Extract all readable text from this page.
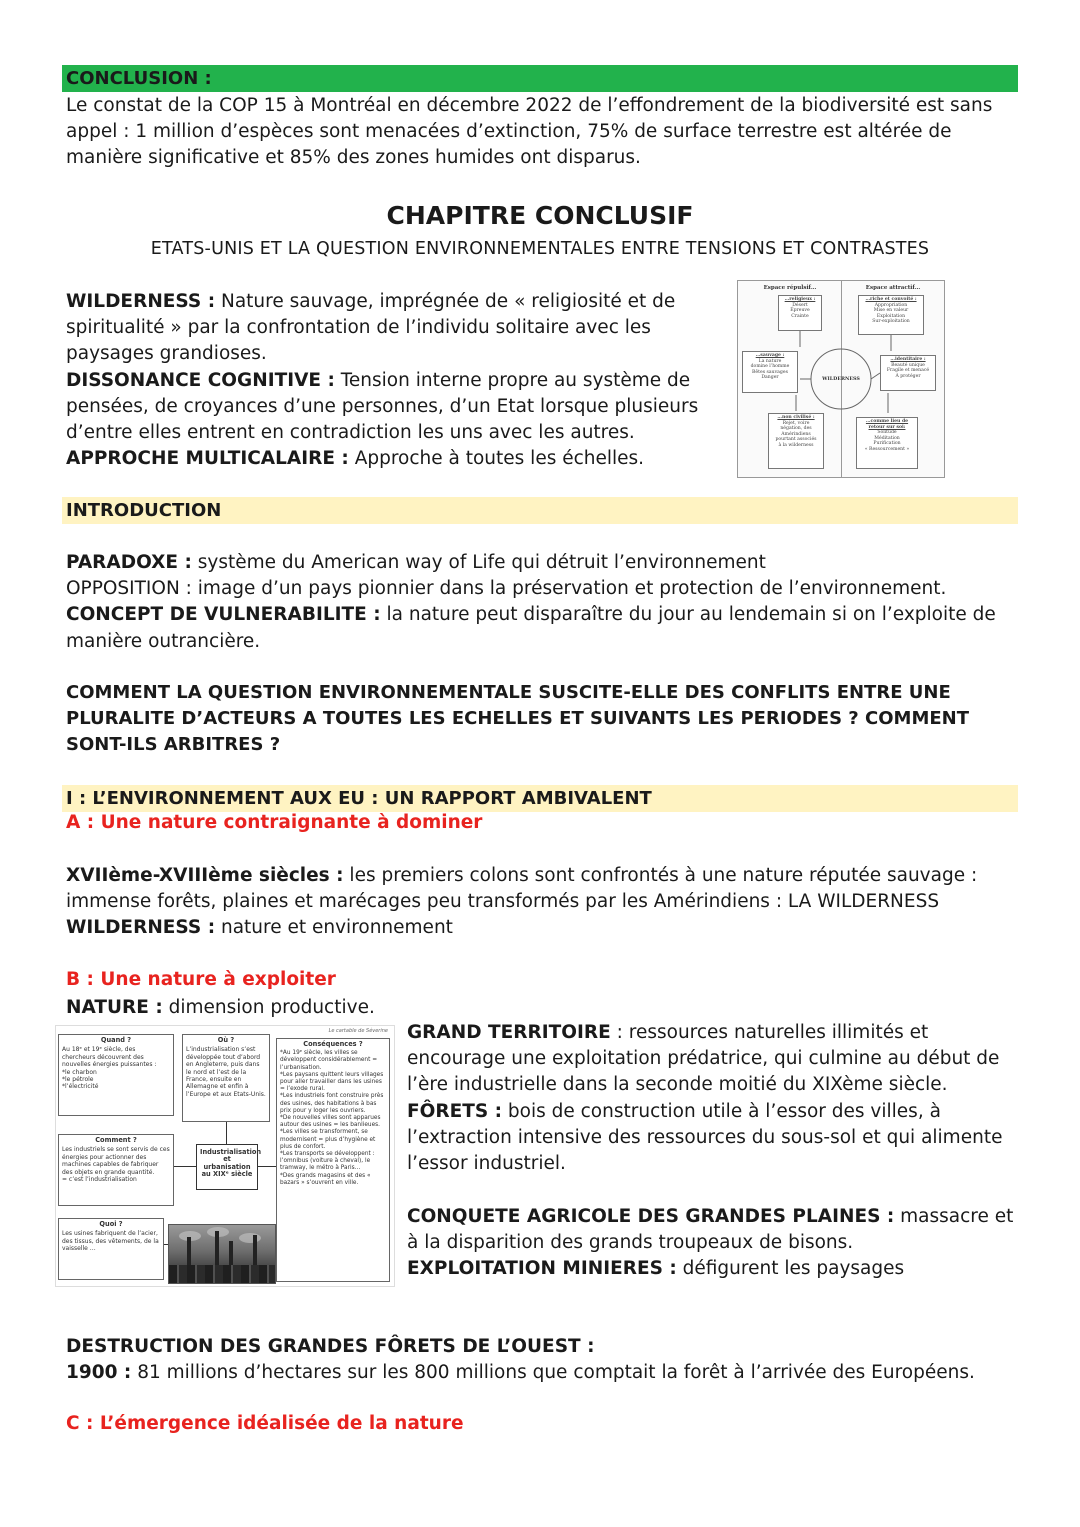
CONCLUSION :

Le constat de la COP 15 à Montréal en décembre 2022 de l’effondrement de la biodiversité est sans appel : 1 million d’espèces sont menacées d’extinction, 75% de surface terrestre est altérée de manière significative et 85% des zones humides ont disparus.

CHAPITRE CONCLUSIF
ETATS-UNIS ET LA QUESTION ENVIRONNEMENTALES ENTRE TENSIONS ET CONTRASTES

WILDERNESS : Nature sauvage, imprégnée de « religiosité et de spiritualité » par la confrontation de l’individu solitaire avec les paysages grandioses.

DISSONANCE COGNITIVE : Tension interne propre au système de pensées, de croyances d’une personnes, d’un Etat lorsque plusieurs d’entre elles entrent en contradiction les uns avec les autres.

APPROCHE MULTICALAIRE : Approche à toutes les échelles.

Espace répulsif…	Espace attractif…
…religieux :
Désert
Épreuve
Crainte
…sauvage :
La nature
domine l’homme
Bêtes sauvages
Danger
…non civilisé :
Rejet, voire
négation, des
Amérindiens
pourtant associés
à la wilderness
…riche et convoité :
Appropriation
Mise en valeur
Exploitation
Sur-exploitation
…identitaire :
Beauté unique
Fragile et menacé
À protéger
…comme lieu de retour sur soi:
Solitude
Méditation
Purification
« Ressourcement »
WILDERNESS
INTRODUCTION

PARADOXE : système du American way of Life qui détruit l’environnement

OPPOSITION : image d’un pays pionnier dans la préservation et protection de l’environnement.

CONCEPT DE VULNERABILITE : la nature peut disparaître du jour au lendemain si on l’exploite de manière outrancière.

COMMENT LA QUESTION ENVIRONNEMENTALE SUSCITE-ELLE DES CONFLITS ENTRE UNE PLURALITE D’ACTEURS A TOUTES LES ECHELLES ET SUIVANTS LES PERIODES ? COMMENT SONT-ILS ARBITRES ?

I : L’ENVIRONNEMENT AUX EU : UN RAPPORT AMBIVALENT
A : Une nature contraignante à dominer

XVIIème-XVIIIème siècles : les premiers colons sont confrontés à une nature réputée sauvage : immense forêts, plaines et marécages peu transformés par les Amérindiens : LA WILDERNESS

WILDERNESS : nature et environnement

B : Une nature à exploiter

NATURE : dimension productive.

Le cartable de Séverine
Quand ?
Au 18ᵉ et 19ᵉ siècle, des chercheurs découvrent des nouvelles énergies puissantes :
*le charbon
*le pétrole
*l’électricité
Où ?
L’industrialisation s’est développée tout d’abord en Angleterre, puis dans le nord et l’est de la France, ensuite en Allemagne et enfin à l’Europe et aux Etats-Unis.
Comment ?
Les industriels se sont servis de ces énergies pour actionner des machines capables de fabriquer des objets en grande quantité.
= c’est l’industrialisation
Quoi ?
Les usines fabriquent de l’acier, des tissus, des vêtements, de la vaisselle …
Industrialisation et urbanisation au XIXᵉ siècle
Conséquences ?
*Au 19ᵉ siècle, les villes se développent considérablement = l’urbanisation.
*Les paysans quittent leurs villages pour aller travailler dans les usines = l’exode rural.
*Les industriels font construire près des usines, des habitations à bas prix pour y loger les ouvriers.
*De nouvelles villes sont apparues autour des usines = les banlieues.
*Les villes se transforment, se modernisent = plus d’hygiène et plus de confort.
*Les transports se développent : l’omnibus (voiture à cheval), le tramway, le métro à Paris…
*Des grands magasins et des « bazars » s’ouvrent en ville.

GRAND TERRITOIRE : ressources naturelles illimités et encourage une exploitation prédatrice, qui culmine au début de l’ère industrielle dans la seconde moitié du XIXème siècle.

FÔRETS : bois de construction utile à l’essor des villes, à l’extraction intensive des ressources du sous-sol et qui alimente l’essor industriel.

CONQUETE AGRICOLE DES GRANDES PLAINES : massacre et à la disparition des grands troupeaux de bisons.

EXPLOITATION MINIERES : défigurent les paysages

DESTRUCTION DES GRANDES FÔRETS DE L’OUEST :

1900 : 81 millions d’hectares sur les 800 millions que comptait la forêt à l’arrivée des Européens.

C : L’émergence idéalisée de la nature
